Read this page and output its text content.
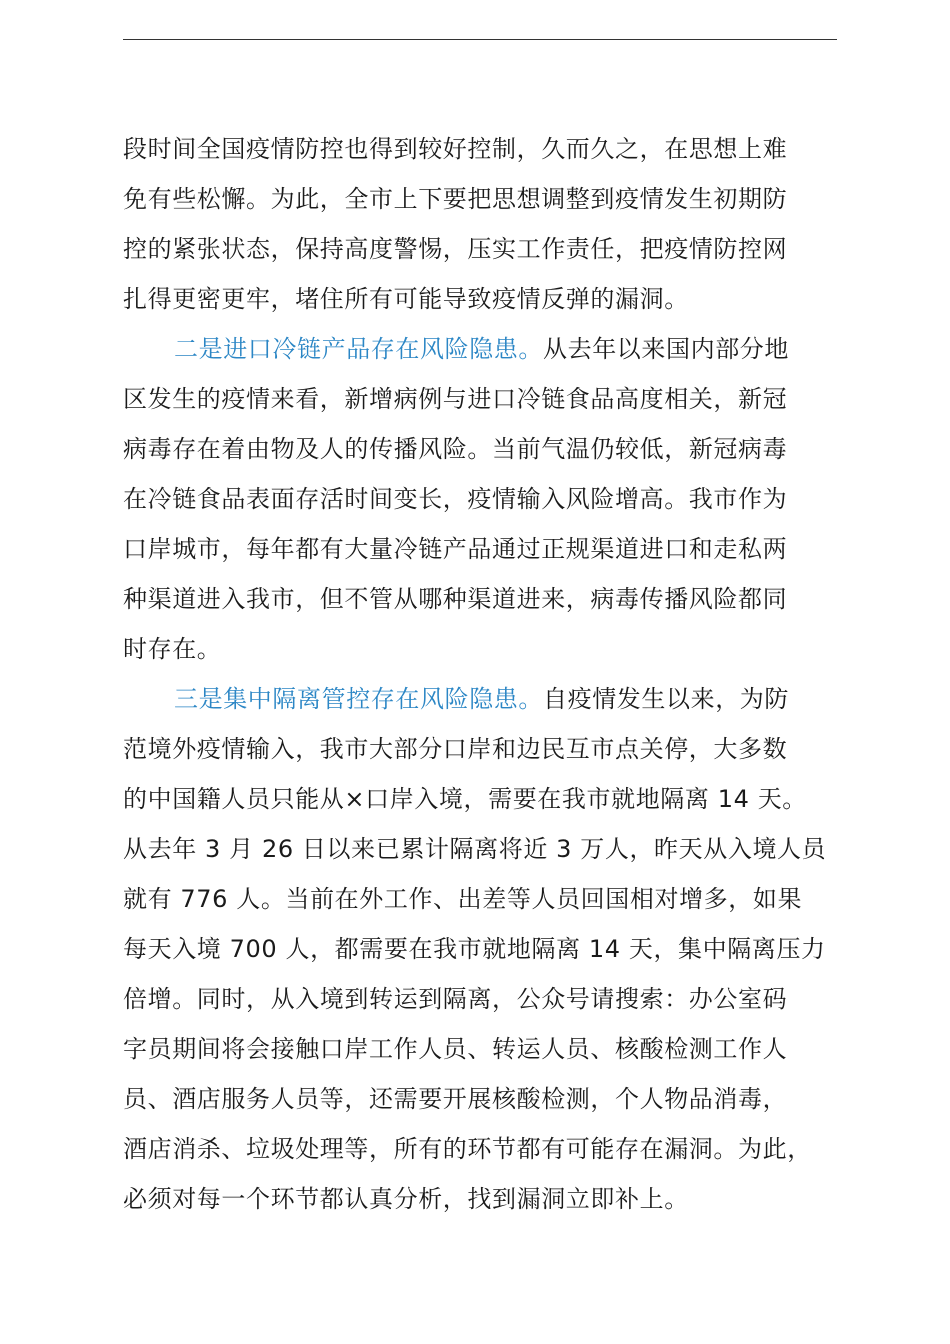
段时间全国疫情防控也得到较好控制，久而久之，在思想上难
免有些松懈。为此，全市上下要把思想调整到疫情发生初期防
控的紧张状态，保持高度警惕，压实工作责任，把疫情防控网
扎得更密更牢，堵住所有可能导致疫情反弹的漏洞。

二是进口冷链产品存在风险隐患。从去年以来国内部分地
区发生的疫情来看，新增病例与进口冷链食品高度相关，新冠
病毒存在着由物及人的传播风险。当前气温仍较低，新冠病毒
在冷链食品表面存活时间变长，疫情输入风险增高。我市作为
口岸城市，每年都有大量冷链产品通过正规渠道进口和走私两
种渠道进入我市，但不管从哪种渠道进来，病毒传播风险都同
时存在。

三是集中隔离管控存在风险隐患。自疫情发生以来，为防
范境外疫情输入，我市大部分口岸和边民互市点关停，大多数
的中国籍人员只能从×口岸入境，需要在我市就地隔离 14 天。
从去年 3 月 26 日以来已累计隔离将近 3 万人，昨天从入境人员
就有 776 人。当前在外工作、出差等人员回国相对增多，如果
每天入境 700 人，都需要在我市就地隔离 14 天，集中隔离压力
倍增。同时，从入境到转运到隔离，公众号请搜索：办公室码
字员期间将会接触口岸工作人员、转运人员、核酸检测工作人
员、酒店服务人员等，还需要开展核酸检测，个人物品消毒，
酒店消杀、垃圾处理等，所有的环节都有可能存在漏洞。为此，
必须对每一个环节都认真分析，找到漏洞立即补上。
